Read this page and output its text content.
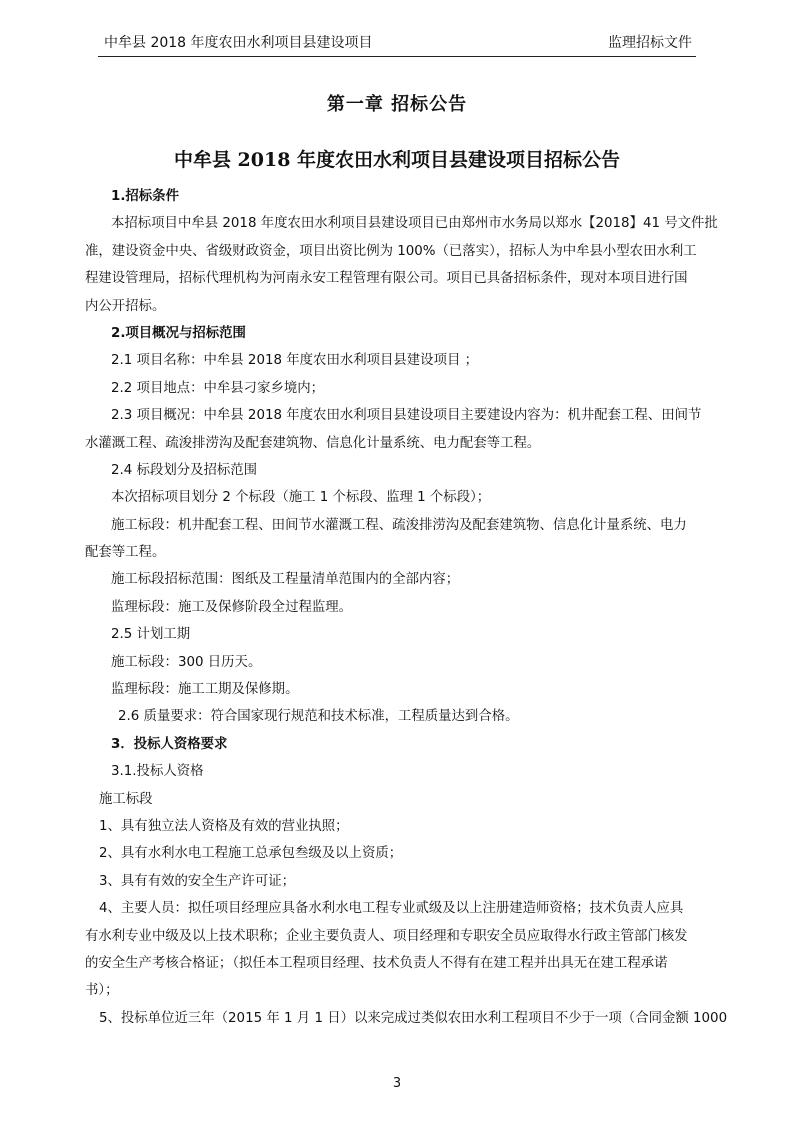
中牟县 2018 年度农田水利项目县建设项目	监理招标文件
第一章 招标公告
中牟县 2018 年度农田水利项目县建设项目招标公告
1.招标条件
本招标项目中牟县 2018 年度农田水利项目县建设项目已由郑州市水务局以郑水【2018】41 号文件批
准，建设资金中央、省级财政资金，项目出资比例为 100%（已落实），招标人为中牟县小型农田水利工
程建设管理局，招标代理机构为河南永安工程管理有限公司。项目已具备招标条件，现对本项目进行国
内公开招标。
2.项目概况与招标范围
2.1 项目名称：中牟县 2018 年度农田水利项目县建设项目 ；
2.2 项目地点：中牟县刁家乡境内；
2.3 项目概况：中牟县 2018 年度农田水利项目县建设项目主要建设内容为：机井配套工程、田间节
水灌溉工程、疏浚排涝沟及配套建筑物、信息化计量系统、电力配套等工程。
2.4 标段划分及招标范围
本次招标项目划分 2 个标段（施工 1 个标段、监理 1 个标段）；
施工标段：机井配套工程、田间节水灌溉工程、疏浚排涝沟及配套建筑物、信息化计量系统、电力
配套等工程。
施工标段招标范围：图纸及工程量清单范围内的全部内容；
监理标段：施工及保修阶段全过程监理。
2.5 计划工期
施工标段：300 日历天。
监理标段：施工工期及保修期。
2.6 质量要求：符合国家现行规范和技术标准，工程质量达到合格。
3．投标人资格要求
3.1.投标人资格
施工标段
1、具有独立法人资格及有效的营业执照；
2、具有水利水电工程施工总承包叁级及以上资质；
3、具有有效的安全生产许可证；
4、主要人员：拟任项目经理应具备水利水电工程专业贰级及以上注册建造师资格；技术负责人应具
有水利专业中级及以上技术职称；企业主要负责人、项目经理和专职安全员应取得水行政主管部门核发
的安全生产考核合格证；（拟任本工程项目经理、技术负责人不得有在建工程并出具无在建工程承诺
书）；
5、投标单位近三年（2015 年 1 月 1 日）以来完成过类似农田水利工程项目不少于一项（合同金额 1000
3
